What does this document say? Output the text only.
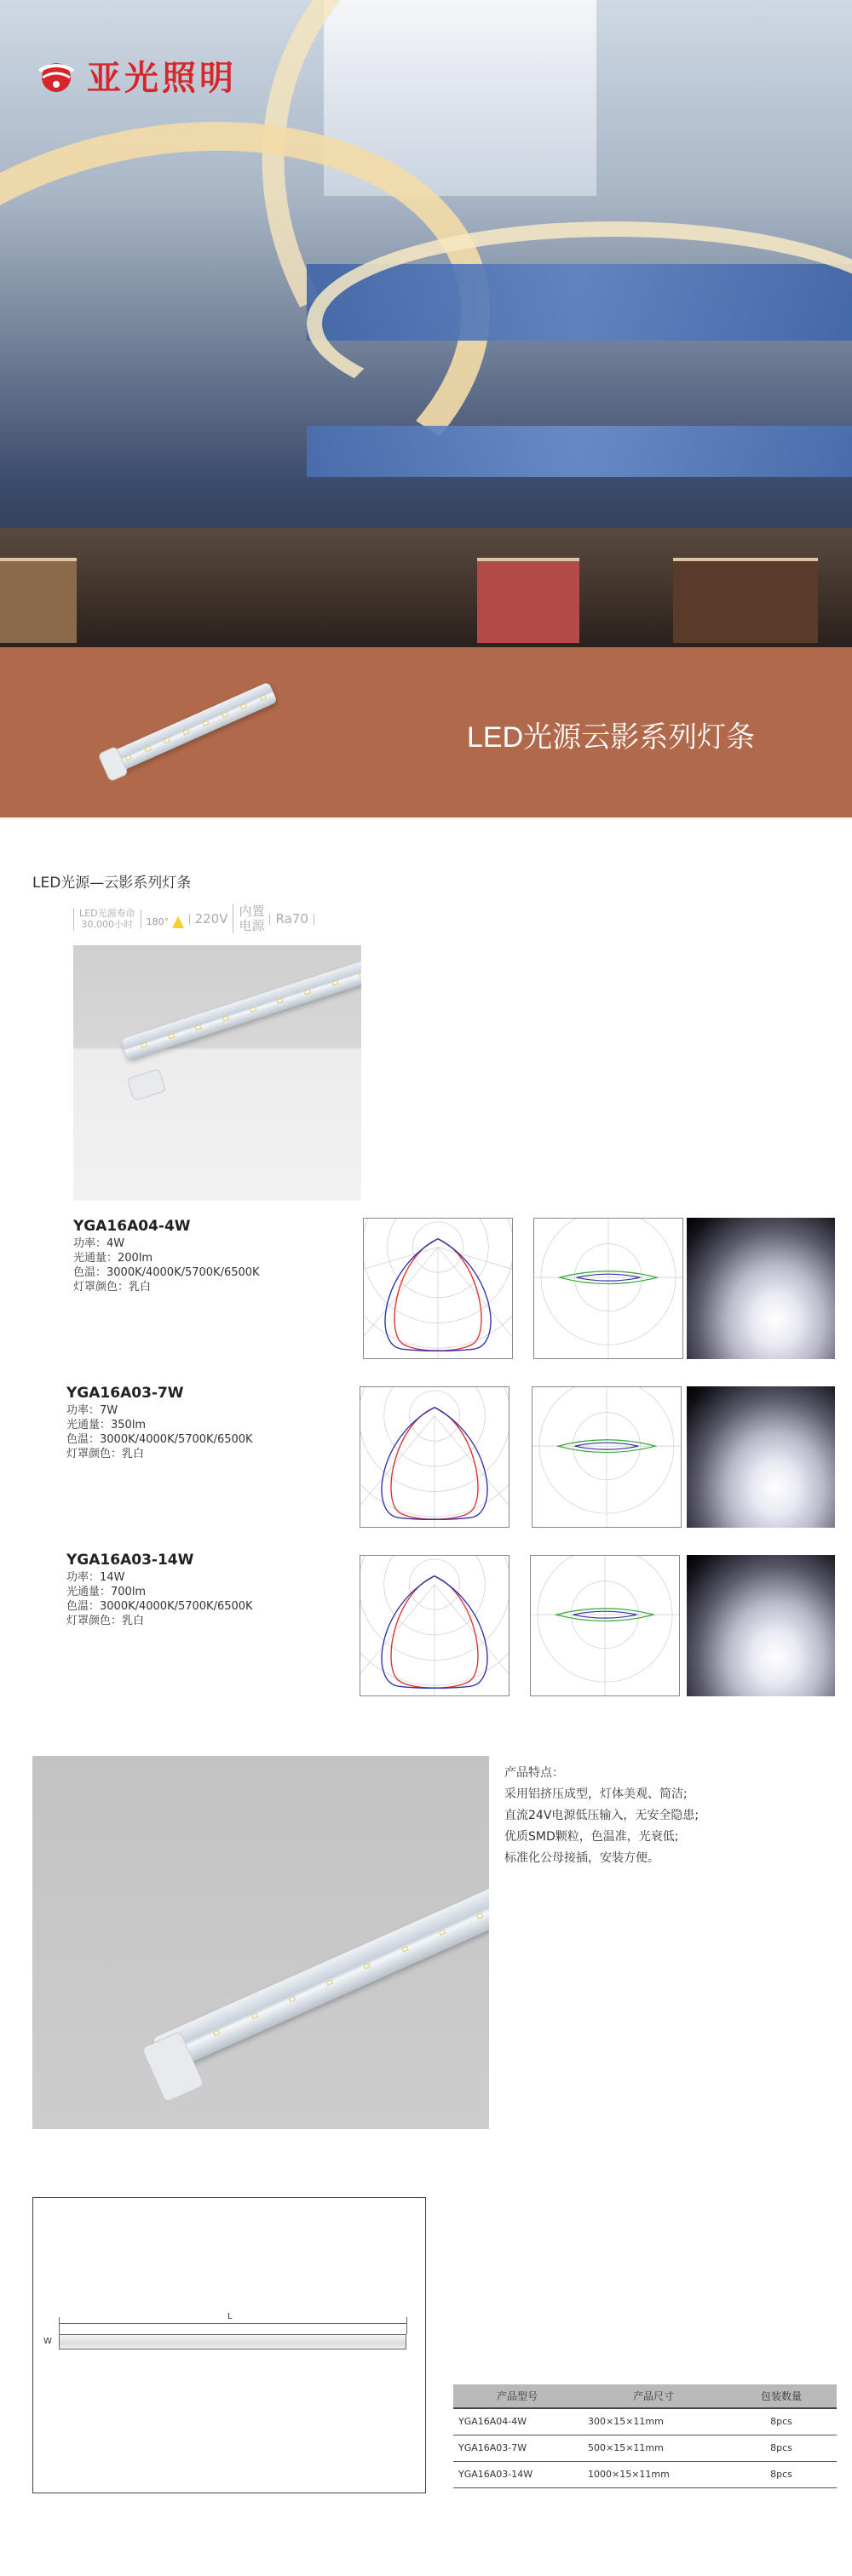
亚光照明
LED光源云影系列灯条
LED光源—云影系列灯条
LED光源寿命
30,000小时	180°	220V 内置
电源 Ra70
YGA16A04-4W
功率：4W
光通量：200lm
色温：3000K/4000K/5700K/6500K
灯罩颜色：乳白
YGA16A03-7W
功率：7W
光通量：350lm
色温：3000K/4000K/5700K/6500K
灯罩颜色：乳白
YGA16A03-14W
功率：14W
光通量：700lm
色温：3000K/4000K/5700K/6500K
灯罩颜色：乳白
产品特点：
采用铝挤压成型，灯体美观、简洁;
直流24V电源低压输入，无安全隐患;
优质SMD颗粒，色温准，光衰低;
标准化公母接插，安装方便。
L
W
产品型号	产品尺寸	包装数量
YGA16A04-4W	300×15×11mm	8pcs
YGA16A03-7W	500×15×11mm	8pcs
YGA16A03-14W	1000×15×11mm	8pcs
